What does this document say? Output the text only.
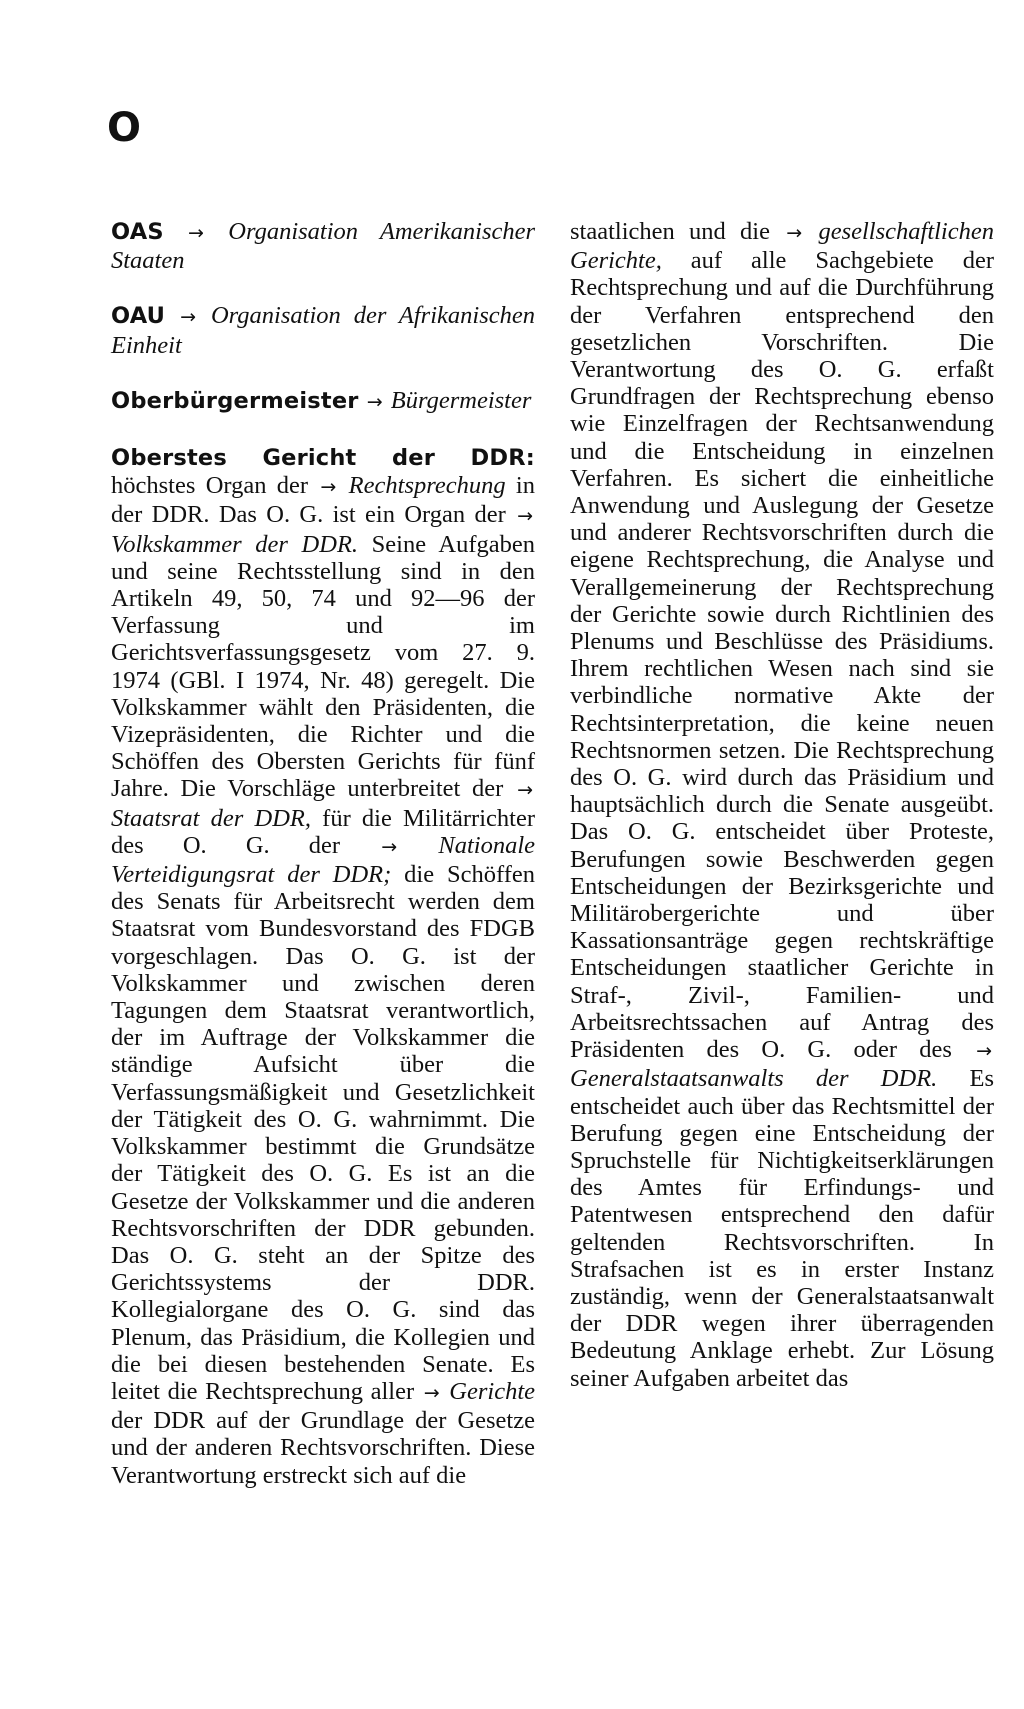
O

OAS → Organisation Amerikanischer Staaten

OAU → Organisation der Afrikanischen Einheit

Oberbürgermeister → Bürgermeister

Oberstes Gericht der DDR: höchstes Organ der → Rechtsprechung in der DDR. Das O. G. ist ein Organ der → Volkskammer der DDR. Seine Aufgaben und seine Rechtsstellung sind in den Artikeln 49, 50, 74 und 92—96 der Verfassung und im Gerichtsverfassungsgesetz vom 27. 9. 1974 (GBl. I 1974, Nr. 48) geregelt. Die Volkskammer wählt den Präsidenten, die Vizepräsidenten, die Richter und die Schöffen des Obersten Gerichts für fünf Jahre. Die Vorschläge unterbreitet der → Staatsrat der DDR, für die Militärrichter des O. G. der → Nationale Verteidigungsrat der DDR; die Schöffen des Senats für Arbeitsrecht werden dem Staatsrat vom Bundesvorstand des FDGB vorgeschlagen. Das O. G. ist der Volkskammer und zwischen deren Tagungen dem Staatsrat verantwortlich, der im Auftrage der Volkskammer die ständige Aufsicht über die Verfassungsmäßigkeit und Gesetzlichkeit der Tätigkeit des O. G. wahrnimmt. Die Volkskammer bestimmt die Grundsätze der Tätigkeit des O. G. Es ist an die Gesetze der Volkskammer und die anderen Rechtsvorschriften der DDR gebunden. Das O. G. steht an der Spitze des Gerichtssystems der DDR. Kollegialorgane des O. G. sind das Plenum, das Präsidium, die Kollegien und die bei diesen bestehenden Senate. Es leitet die Rechtsprechung aller → Gerichte der DDR auf der Grundlage der Gesetze und der anderen Rechtsvorschriften. Diese Verantwortung erstreckt sich auf die

staatlichen und die → gesellschaftlichen Gerichte, auf alle Sachgebiete der Rechtsprechung und auf die Durchführung der Verfahren entsprechend den gesetzlichen Vorschriften. Die Verantwortung des O. G. erfaßt Grundfragen der Rechtsprechung ebenso wie Einzelfragen der Rechtsanwendung und die Entscheidung in einzelnen Verfahren. Es sichert die einheitliche Anwendung und Auslegung der Gesetze und anderer Rechtsvorschriften durch die eigene Rechtsprechung, die Analyse und Verallgemeinerung der Rechtsprechung der Gerichte sowie durch Richtlinien des Plenums und Beschlüsse des Präsidiums. Ihrem rechtlichen Wesen nach sind sie verbindliche normative Akte der Rechtsinterpretation, die keine neuen Rechtsnormen setzen. Die Rechtsprechung des O. G. wird durch das Präsidium und hauptsächlich durch die Senate ausgeübt. Das O. G. entscheidet über Proteste, Berufungen sowie Beschwerden gegen Entscheidungen der Bezirksgerichte und Militärobergerichte und über Kassationsanträge gegen rechtskräftige Entscheidungen staatlicher Gerichte in Straf-, Zivil-, Familien- und Arbeitsrechtssachen auf Antrag des Präsidenten des O. G. oder des → Generalstaatsanwalts der DDR. Es entscheidet auch über das Rechtsmittel der Berufung gegen eine Entscheidung der Spruchstelle für Nichtigkeitserklärungen des Amtes für Erfindungs- und Patentwesen entsprechend den dafür geltenden Rechtsvorschriften. In Strafsachen ist es in erster Instanz zuständig, wenn der Generalstaatsanwalt der DDR wegen ihrer überragenden Bedeutung Anklage erhebt. Zur Lösung seiner Aufgaben arbeitet das
